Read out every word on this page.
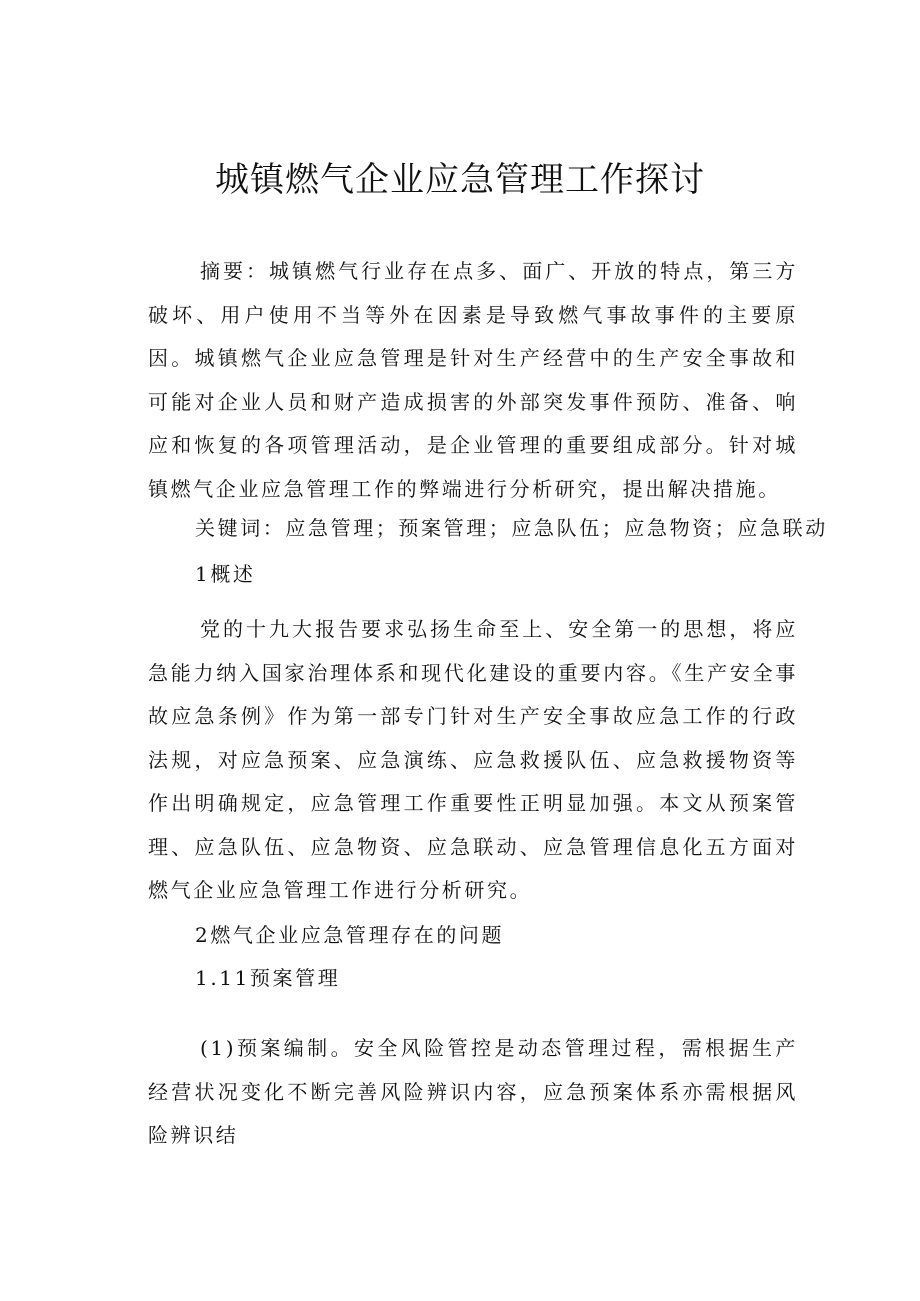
城镇燃气企业应急管理工作探讨

摘要：城镇燃气行业存在点多、面广、开放的特点，第三方破坏、用户使用不当等外在因素是导致燃气事故事件的主要原因。城镇燃气企业应急管理是针对生产经营中的生产安全事故和可能对企业人员和财产造成损害的外部突发事件预防、准备、响应和恢复的各项管理活动，是企业管理的重要组成部分。针对城镇燃气企业应急管理工作的弊端进行分析研究，提出解决措施。

关键词：应急管理；预案管理；应急队伍；应急物资；应急联动

1概述

党的十九大报告要求弘扬生命至上、安全第一的思想，将应急能力纳入国家治理体系和现代化建设的重要内容。《生产安全事故应急条例》作为第一部专门针对生产安全事故应急工作的行政法规，对应急预案、应急演练、应急救援队伍、应急救援物资等作出明确规定，应急管理工作重要性正明显加强。本文从预案管理、应急队伍、应急物资、应急联动、应急管理信息化五方面对燃气企业应急管理工作进行分析研究。

2燃气企业应急管理存在的问题

1.11预案管理

(1)预案编制。安全风险管控是动态管理过程，需根据生产经营状况变化不断完善风险辨识内容，应急预案体系亦需根据风险辨识结
